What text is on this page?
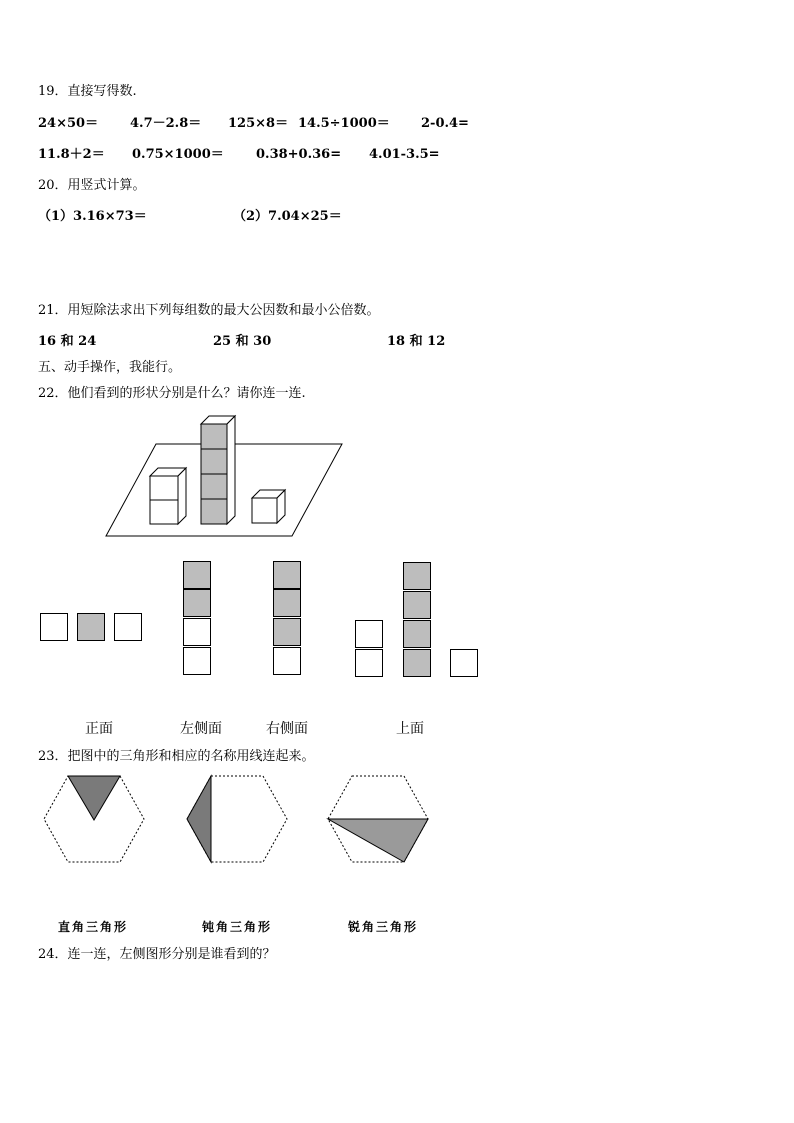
19．直接写得数.
24×50＝ 4.7－2.8＝ 125×8＝ 14.5÷1000＝ 2-0.4=
11.8＋2＝ 0.75×1000＝ 0.38+0.36= 4.01-3.5=
20．用竖式计算。
（1）3.16×73＝	（2）7.04×25＝
21．用短除法求出下列每组数的最大公因数和最小公倍数。
16 和 24	25 和 30	18 和 12
五、动手操作，我能行。
22．他们看到的形状分别是什么？请你连一连.
正面	左侧面	右侧面	上面
23．把图中的三角形和相应的名称用线连起来。
直角三角形	钝角三角形	锐角三角形
24．连一连，左侧图形分别是谁看到的？
